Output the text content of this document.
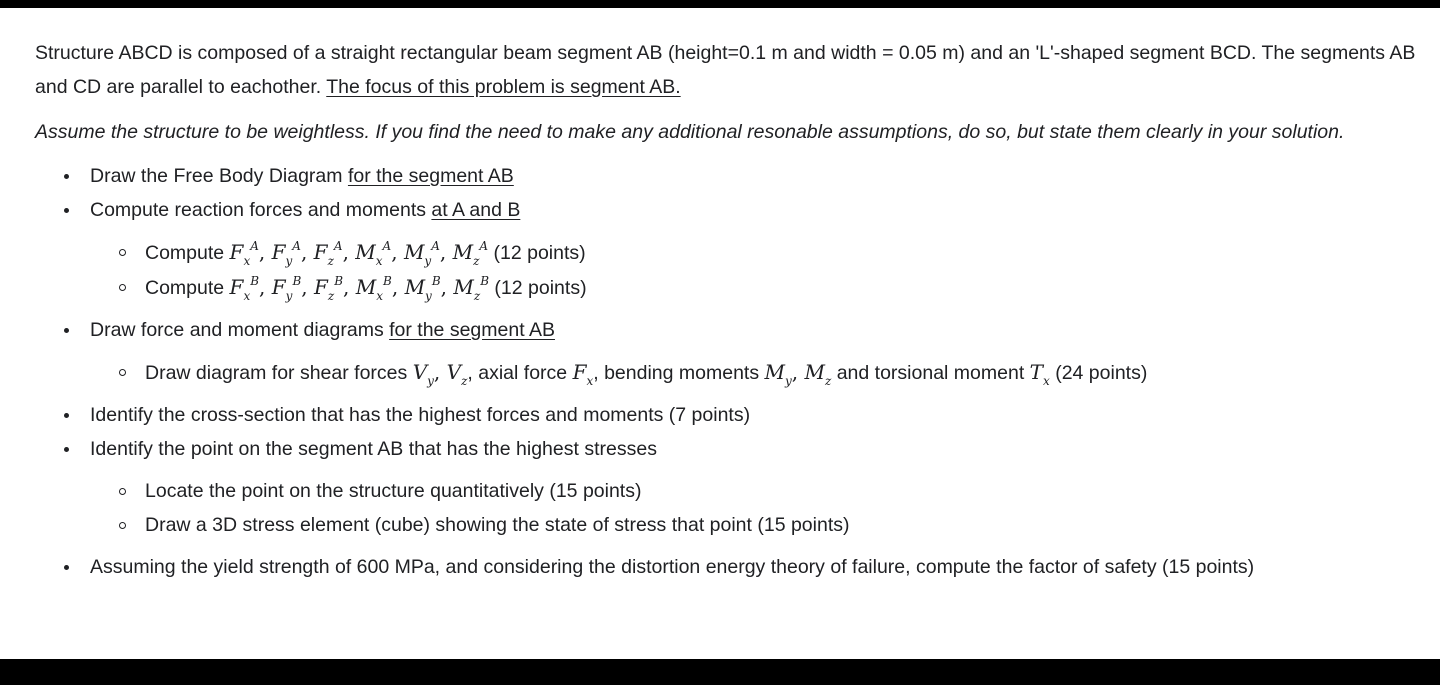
Structure ABCD is composed of a straight rectangular beam segment AB (height=0.1 m and width = 0.05 m) and an 'L'-shaped segment BCD. The segments AB and CD are parallel to eachother. The focus of this problem is segment AB.

Assume the structure to be weightless. If you find the need to make any additional resonable assumptions, do so, but state them clearly in your solution.

Draw the Free Body Diagram for the segment AB
Compute reaction forces and moments at A and B
Compute $F_x^A$, $F_y^A$, $F_z^A$, $M_x^A$, $M_y^A$, $M_z^A$ (12 points)
Compute $F_x^B$, $F_y^B$, $F_z^B$, $M_x^B$, $M_y^B$, $M_z^B$ (12 points)
Draw force and moment diagrams for the segment AB
Draw diagram for shear forces $V_y$, $V_z$, axial force $F_x$, bending moments $M_y$, $M_z$ and torsional moment $T_x$ (24 points)
Identify the cross-section that has the highest forces and moments (7 points)
Identify the point on the segment AB that has the highest stresses
Locate the point on the structure quantitatively (15 points)
Draw a 3D stress element (cube) showing the state of stress that point (15 points)
Assuming the yield strength of 600 MPa, and considering the distortion energy theory of failure, compute the factor of safety (15 points)
